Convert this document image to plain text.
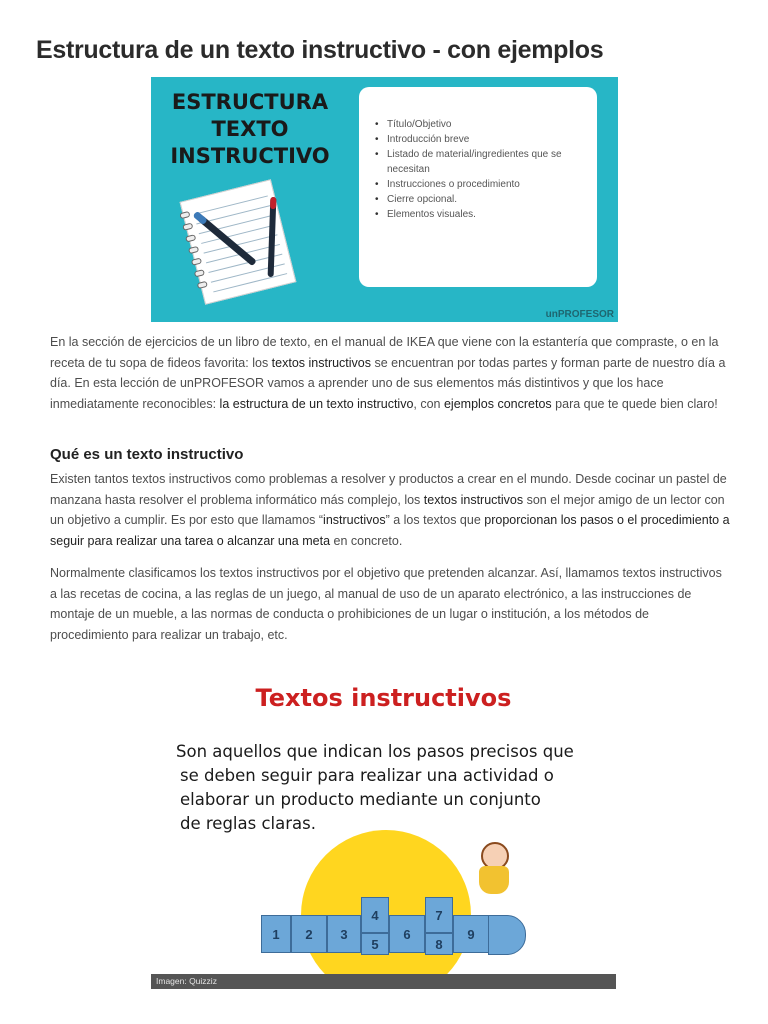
Estructura de un texto instructivo - con ejemplos
ESTRUCTURA
TEXTO
INSTRUCTIVO
• Título/Objetivo
• Introducción breve
• Listado de material/ingredientes que se necesitan
• Instrucciones o procedimiento
• Cierre opcional.
• Elementos visuales.
unPROFESOR

En la sección de ejercicios de un libro de texto, en el manual de IKEA que viene con la estantería que compraste, o en la receta de tu sopa de fideos favorita: los textos instructivos se encuentran por todas partes y forman parte de nuestro día a día. En esta lección de unPROFESOR vamos a aprender uno de sus elementos más distintivos y que los hace inmediatamente reconocibles: la estructura de un texto instructivo, con ejemplos concretos para que te quede bien claro!

Qué es un texto instructivo

Existen tantos textos instructivos como problemas a resolver y productos a crear en el mundo. Desde cocinar un pastel de manzana hasta resolver el problema informático más complejo, los textos instructivos son el mejor amigo de un lector con un objetivo a cumplir. Es por esto que llamamos “instructivos” a los textos que proporcionan los pasos o el procedimiento a seguir para realizar una tarea o alcanzar una meta en concreto.

Normalmente clasificamos los textos instructivos por el objetivo que pretenden alcanzar. Así, llamamos textos instructivos a las recetas de cocina, a las reglas de un juego, al manual de uso de un aparato electrónico, a las instrucciones de montaje de un mueble, a las normas de conducta o prohibiciones de un lugar o institución, a los métodos de procedimiento para realizar un trabajo, etc.

Textos instructivos
Son aquellos que indican los pasos precisos que
se deben seguir para realizar una actividad o
elaborar un producto mediante un conjunto
de reglas claras.
1	2	3
4
5
6
7
8
9
Imagen: Quizziz
